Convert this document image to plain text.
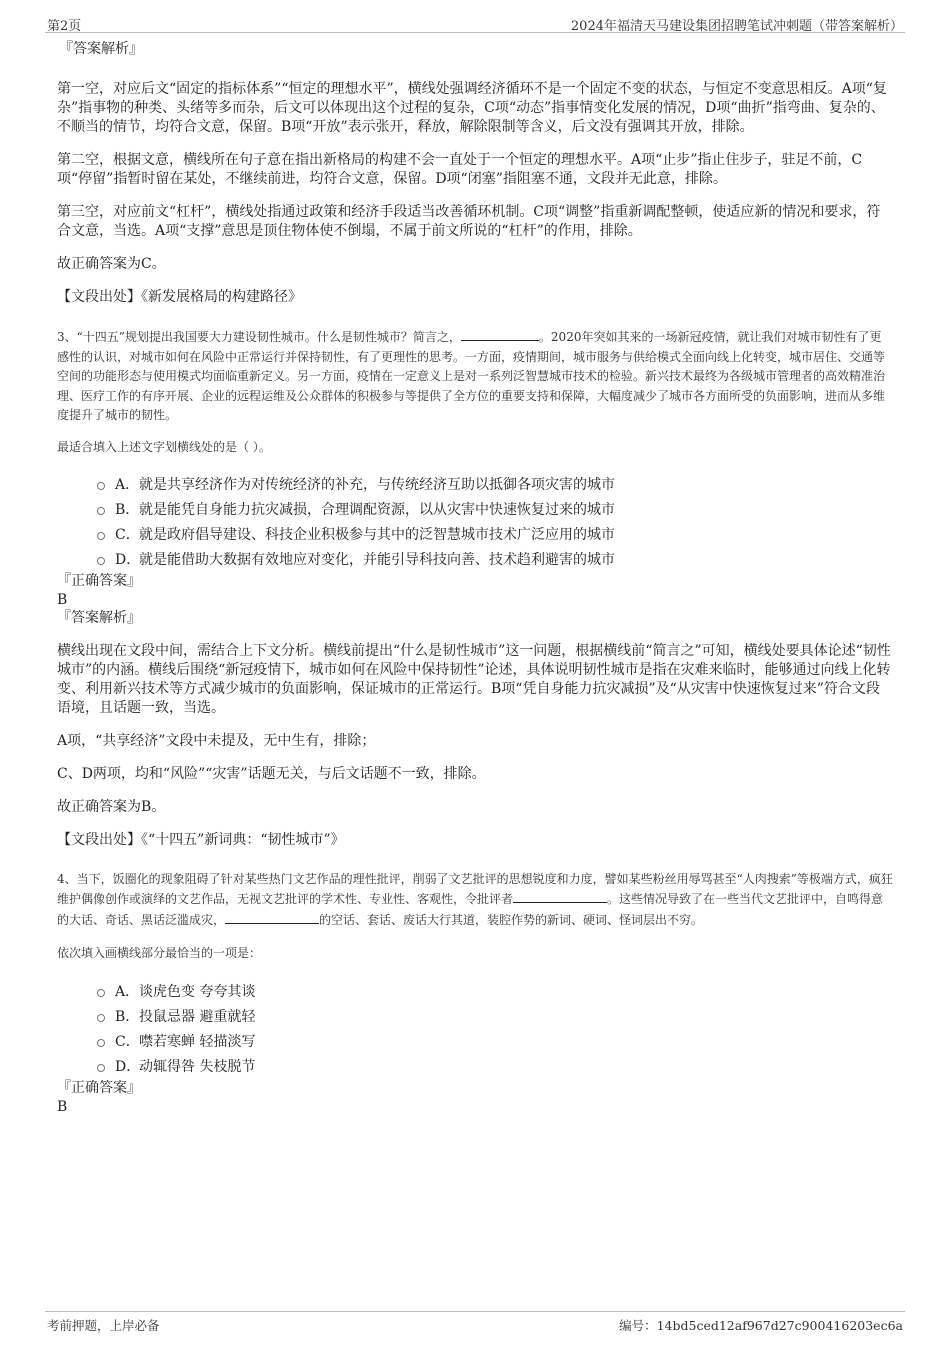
第2页	2024年福清天马建设集团招聘笔试冲刺题（带答案解析）

『答案解析』

第一空，对应后文“固定的指标体系”“恒定的理想水平”，横线处强调经济循环不是一个固定不变的状态，与恒定不变意思相反。A项“复杂”指事物的种类、头绪等多而杂，后文可以体现出这个过程的复杂，C项“动态”指事情变化发展的情况，D项“曲折”指弯曲、复杂的、不顺当的情节，均符合文意，保留。B项“开放”表示张开，释放，解除限制等含义，后文没有强调其开放，排除。

第二空，根据文意，横线所在句子意在指出新格局的构建不会一直处于一个恒定的理想水平。A项“止步”指止住步子，驻足不前，C项“停留”指暂时留在某处，不继续前进，均符合文意，保留。D项“闭塞”指阻塞不通，文段并无此意，排除。

第三空，对应前文“杠杆”，横线处指通过政策和经济手段适当改善循环机制。C项“调整”指重新调配整顿，使适应新的情况和要求，符合文意，当选。A项“支撑”意思是顶住物体使不倒塌，不属于前文所说的“杠杆”的作用，排除。

故正确答案为C。

【文段出处】《新发展格局的构建路径》

3、“十四五”规划提出我国要大力建设韧性城市。什么是韧性城市？简言之，	。2020年突如其来的一场新冠疫情，就让我们对城市韧性有了更感性的认识，对城市如何在风险中正常运行并保持韧性，有了更理性的思考。一方面，疫情期间，城市服务与供给模式全面向线上化转变，城市居住、交通等空间的功能形态与使用模式均面临重新定义。另一方面，疫情在一定意义上是对一系列泛智慧城市技术的检验。新兴技术最终为各级城市管理者的高效精准治理、医疗工作的有序开展、企业的远程运维及公众群体的积极参与等提供了全方位的重要支持和保障，大幅度减少了城市各方面所受的负面影响，进而从多维度提升了城市的韧性。

最适合填入上述文字划横线处的是（ ）。

A．就是共享经济作为对传统经济的补充，与传统经济互助以抵御各项灾害的城市
B．就是能凭自身能力抗灾减损，合理调配资源，以从灾害中快速恢复过来的城市
C．就是政府倡导建设、科技企业积极参与其中的泛智慧城市技术广泛应用的城市
D．就是能借助大数据有效地应对变化，并能引导科技向善、技术趋利避害的城市

『正确答案』

B

『答案解析』

横线出现在文段中间，需结合上下文分析。横线前提出“什么是韧性城市”这一问题，根据横线前“简言之”可知，横线处要具体论述“韧性城市”的内涵。横线后围绕“新冠疫情下，城市如何在风险中保持韧性”论述，具体说明韧性城市是指在灾难来临时，能够通过向线上化转变、利用新兴技术等方式减少城市的负面影响，保证城市的正常运行。B项“凭自身能力抗灾减损”及“从灾害中快速恢复过来”符合文段语境，且话题一致，当选。

A项，“共享经济”文段中未提及，无中生有，排除；

C、D两项，均和“风险”“灾害”话题无关，与后文话题不一致，排除。

故正确答案为B。

【文段出处】《“十四五”新词典：“韧性城市”》

4、当下，饭圈化的现象阻碍了针对某些热门文艺作品的理性批评，削弱了文艺批评的思想锐度和力度，譬如某些粉丝用辱骂甚至“人肉搜索”等极端方式，疯狂维护偶像创作或演绎的文艺作品，无视文艺批评的学术性、专业性、客观性，令批评者	。这些情况导致了在一些当代文艺批评中，自鸣得意的大话、奇话、黑话泛滥成灾，	的空话、套话、废话大行其道，装腔作势的新词、硬词、怪词层出不穷。

依次填入画横线部分最恰当的一项是：

A．谈虎色变 夸夸其谈
B．投鼠忌器 避重就轻
C．噤若寒蝉 轻描淡写
D．动辄得咎 失枝脱节

『正确答案』

B

考前押题，上岸必备	编号：14bd5ced12af967d27c900416203ec6a
